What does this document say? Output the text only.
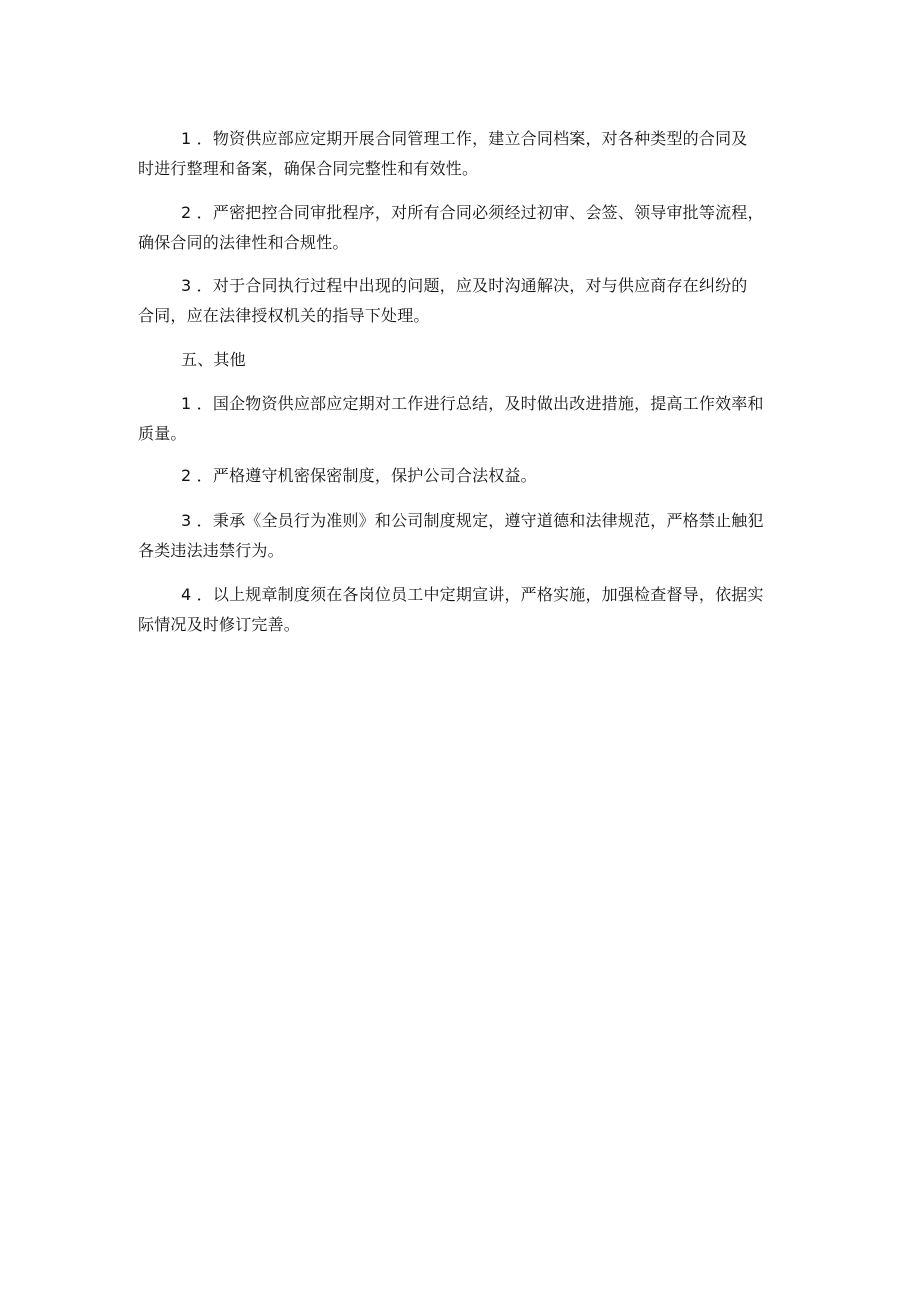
1 ．物资供应部应定期开展合同管理工作，建立合同档案，对各种类型的合同及
时进行整理和备案，确保合同完整性和有效性。
2 ．严密把控合同审批程序，对所有合同必须经过初审、会签、领导审批等流程，
确保合同的法律性和合规性。
3 ．对于合同执行过程中出现的问题，应及时沟通解决，对与供应商存在纠纷的
合同，应在法律授权机关的指导下处理。
五、其他
1 ．国企物资供应部应定期对工作进行总结，及时做出改进措施，提高工作效率和
质量。
2 ．严格遵守机密保密制度，保护公司合法权益。
3 ．秉承《全员行为准则》和公司制度规定，遵守道德和法律规范，严格禁止触犯
各类违法违禁行为。
4 ．以上规章制度须在各岗位员工中定期宣讲，严格实施，加强检查督导，依据实
际情况及时修订完善。
